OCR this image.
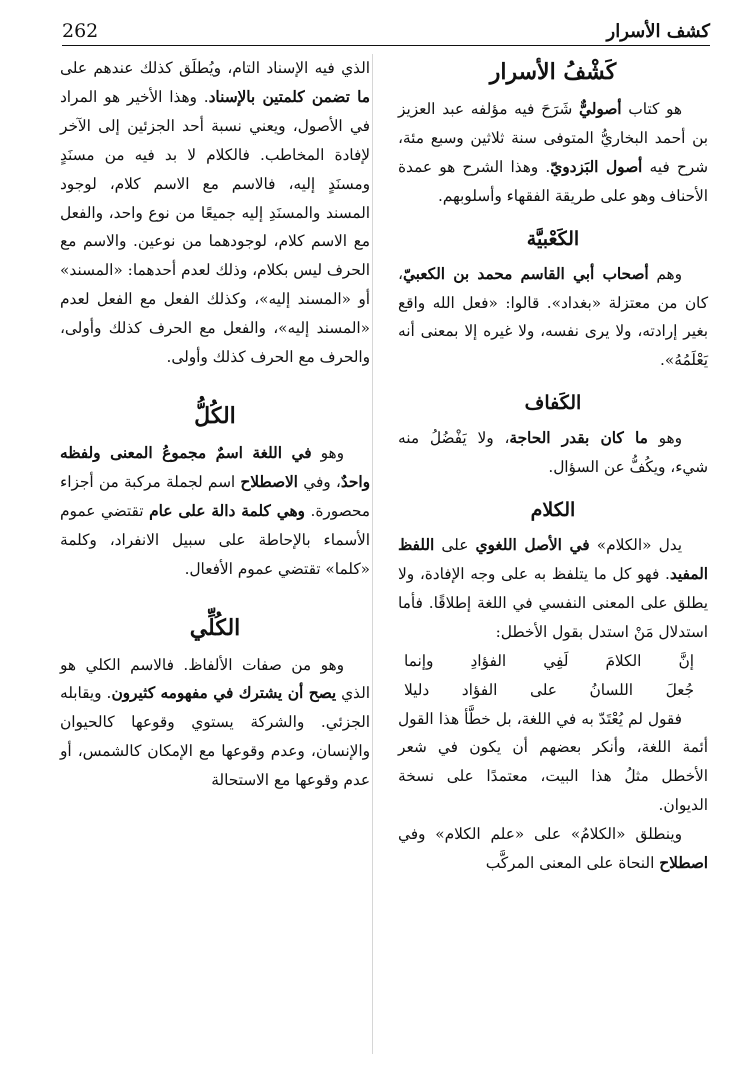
262	كشف الأسرار
كَشْفُ الأسرار

هو كتاب أصوليٌّ شَرَحَ فيه مؤلفه عبد العزيز بن أحمد البخاريُّ المتوفى سنة ثلاثين وسبع مئة، شرح فيه أصول البَزدويّ. وهذا الشرح هو عمدة الأحناف وهو على طريقة الفقهاء وأسلوبهم.

الكَعْبيَّة

وهم أصحاب أبي القاسم محمد بن الكعبيّ، كان من معتزلة «بغداد». قالوا: «فعل الله واقع بغير إرادته، ولا يرى نفسه، ولا غيره إلا بمعنى أنه يَعْلَمُهُ».

الكَفاف

وهو ما كان بقدر الحاجة، ولا يَفْضُلُ منه شيء، ويكُفُّ عن السؤال.

الكلام

يدل «الكلام» في الأصل اللغوي على اللفظ المفيد. فهو كل ما يتلفظ به على وجه الإفادة، ولا يطلق على المعنى النفسي في اللغة إطلاقًا. فأما استدلال مَنْ استدل بقول الأخطل:

إنَّ الكلامَ لَفِي الفؤادِ وإنما

جُعلَ اللسانُ على الفؤاد دليلا

فقول لم يُعْتَدّ به في اللغة، بل خطَّأ هذا القول أئمة اللغة، وأنكر بعضهم أن يكون في شعر الأخطل مثلُ هذا البيت، معتمدًا على نسخة الديوان.

وينطلق «الكلامُ» على «علم الكلام» وفي اصطلاح النحاة على المعنى المركَّب

الذي فيه الإسناد التام، ويُطلَق كذلك عندهم على ما تضمن كلمتين بالإسناد. وهذا الأخير هو المراد في الأصول، ويعني نسبة أحد الجزئين إلى الآخر لإفادة المخاطب. فالكلام لا بد فيه من مسنَدٍ ومسنَدٍ إليه، فالاسم مع الاسم كلام، لوجود المسند والمسنَدِ إليه جميعًا من نوع واحد، والفعل مع الاسم كلام، لوجودهما من نوعين. والاسم مع الحرف ليس بكلام، وذلك لعدم أحدهما: «المسند» أو «المسند إليه»، وكذلك الفعل مع الفعل لعدم «المسند إليه»، والفعل مع الحرف كذلك وأولى، والحرف مع الحرف كذلك وأولى.

الكُلُّ

وهو في اللغة اسمٌ مجموعُ المعنى ولفظه واحدٌ، وفي الاصطلاح اسم لجملة مركبة من أجزاء محصورة. وهي كلمة دالة على عام تقتضي عموم الأسماء بالإحاطة على سبيل الانفراد، وكلمة «كلما» تقتضي عموم الأفعال.

الكُلِّي

وهو من صفات الألفاظ. فالاسم الكلي هو الذي يصح أن يشترك في مفهومه كثيرون. ويقابله الجزئي. والشركة يستوي وقوعها كالحيوان والإنسان، وعدم وقوعها مع الإمكان كالشمس، أو عدم وقوعها مع الاستحالة
